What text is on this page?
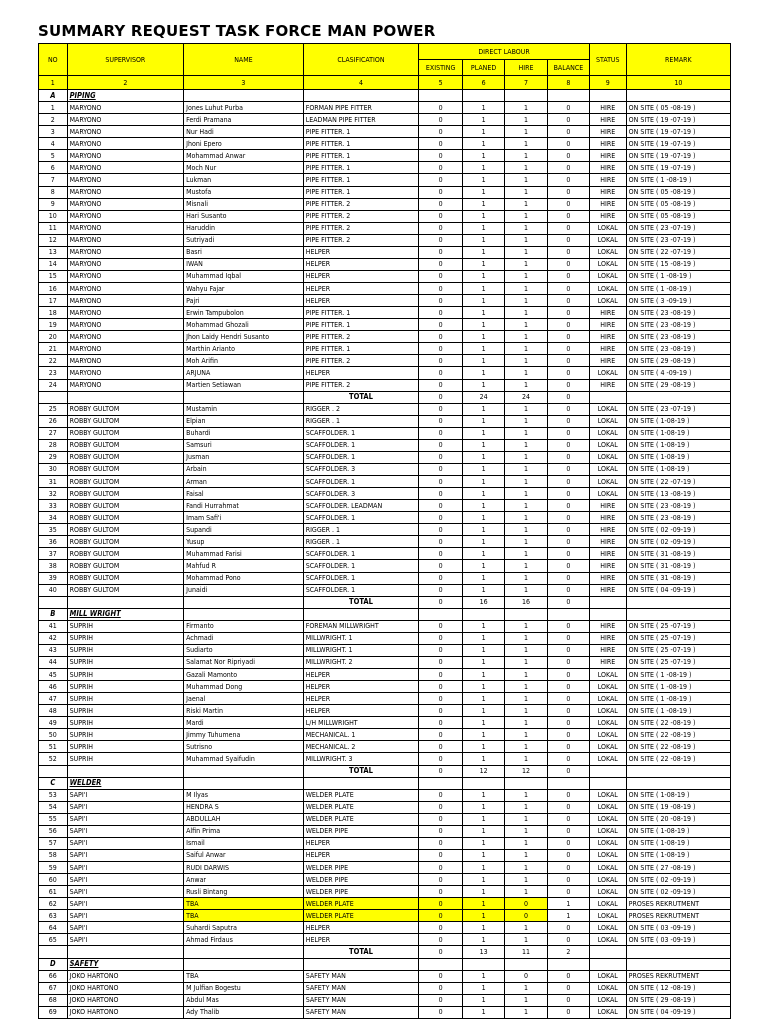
SUMMARY REQUEST TASK FORCE MAN POWER
NO	SUPERVISOR	NAME	CLASIFICATION	DIRECT LABOUR				STATUS	REMARK
				EXISTING	PLANED	HIRE	BALANCE		
1	2	3	4	5	6	7	8	9	10
A	PIPING								
1	MARYONO	Jones Luhut Purba	FORMAN PIPE FITTER	0	1	1	0	HIRE	ON SITE ( 05 -08-19 )
2	MARYONO	Ferdi Pramana	LEADMAN PIPE FITTER	0	1	1	0	HIRE	ON SITE ( 19 -07-19 )
3	MARYONO	Nur Hadi	PIPE FITTER. 1	0	1	1	0	HIRE	ON SITE ( 19 -07-19 )
4	MARYONO	Jhoni Epero	PIPE FITTER. 1	0	1	1	0	HIRE	ON SITE ( 19 -07-19 )
5	MARYONO	Mohammad Anwar	PIPE FITTER. 1	0	1	1	0	HIRE	ON SITE ( 19 -07-19 )
6	MARYONO	Moch Nur	PIPE FITTER. 1	0	1	1	0	HIRE	ON SITE ( 19 -07-19 )
7	MARYONO	Lukman	PIPE FITTER. 1	0	1	1	0	HIRE	ON SITE ( 1 -08-19 )
8	MARYONO	Mustofa	PIPE FITTER. 1	0	1	1	0	HIRE	ON SITE ( 05 -08-19 )
9	MARYONO	Misnali	PIPE FITTER. 2	0	1	1	0	HIRE	ON SITE ( 05 -08-19 )
10	MARYONO	Hari Susanto	PIPE FITTER. 2	0	1	1	0	HIRE	ON SITE ( 05 -08-19 )
11	MARYONO	Haruddin	PIPE FITTER. 2	0	1	1	0	LOKAL	ON SITE ( 23 -07-19 )
12	MARYONO	Sutriyadi	PIPE FITTER. 2	0	1	1	0	LOKAL	ON SITE ( 23 -07-19 )
13	MARYONO	Basri	HELPER	0	1	1	0	LOKAL	ON SITE ( 22 -07-19 )
14	MARYONO	IWAN	HELPER	0	1	1	0	LOKAL	ON SITE ( 15 -08-19 )
15	MARYONO	Muhammad Iqbal	HELPER	0	1	1	0	LOKAL	ON SITE ( 1 -08-19 )
16	MARYONO	Wahyu Fajar	HELPER	0	1	1	0	LOKAL	ON SITE ( 1 -08-19 )
17	MARYONO	Pajri	HELPER	0	1	1	0	LOKAL	ON SITE ( 3 -09-19 )
18	MARYONO	Erwin Tampubolon	PIPE FITTER. 1	0	1	1	0	HIRE	ON SITE ( 23 -08-19 )
19	MARYONO	Mohammad Ghozali	PIPE FITTER. 1	0	1	1	0	HIRE	ON SITE ( 23 -08-19 )
20	MARYONO	Jhon Laidy Hendri Susanto	PIPE FITTER. 2	0	1	1	0	HIRE	ON SITE ( 23 -08-19 )
21	MARYONO	Marthin Arianto	PIPE FITTER. 1	0	1	1	0	HIRE	ON SITE ( 23 -08-19 )
22	MARYONO	Moh Arifin	PIPE FITTER. 2	0	1	1	0	HIRE	ON SITE ( 29 -08-19 )
23	MARYONO	ARJUNA	HELPER	0	1	1	0	LOKAL	ON SITE ( 4 -09-19 )
24	MARYONO	Martien Setiawan	PIPE FITTER. 2	0	1	1	0	HIRE	ON SITE ( 29 -08-19 )
			TOTAL	0	24	24	0		
25	ROBBY GULTOM	Mustamin	RIGGER . 2	0	1	1	0	LOKAL	ON SITE ( 23 -07-19 )
26	ROBBY GULTOM	Elpian	RIGGER . 1	0	1	1	0	LOKAL	ON SITE ( 1-08-19 )
27	ROBBY GULTOM	Buhardi	SCAFFOLDER. 1	0	1	1	0	LOKAL	ON SITE ( 1-08-19 )
28	ROBBY GULTOM	Samsuri	SCAFFOLDER. 1	0	1	1	0	LOKAL	ON SITE ( 1-08-19 )
29	ROBBY GULTOM	Jusman	SCAFFOLDER. 1	0	1	1	0	LOKAL	ON SITE ( 1-08-19 )
30	ROBBY GULTOM	Arbain	SCAFFOLDER. 3	0	1	1	0	LOKAL	ON SITE ( 1-08-19 )
31	ROBBY GULTOM	Arman	SCAFFOLDER. 1	0	1	1	0	LOKAL	ON SITE ( 22 -07-19 )
32	ROBBY GULTOM	Faisal	SCAFFOLDER. 3	0	1	1	0	LOKAL	ON SITE ( 13 -08-19 )
33	ROBBY GULTOM	Fandi Hurrahmat	SCAFFOLDER. LEADMAN	0	1	1	0	HIRE	ON SITE ( 23 -08-19 )
34	ROBBY GULTOM	Imam Safi'i	SCAFFOLDER. 1	0	1	1	0	HIRE	ON SITE ( 23 -08-19 )
35	ROBBY GULTOM	Supandi	RIGGER . 1	0	1	1	0	HIRE	ON SITE ( 02 -09-19 )
36	ROBBY GULTOM	Yusup	RIGGER . 1	0	1	1	0	HIRE	ON SITE ( 02 -09-19 )
37	ROBBY GULTOM	Muhammad Farisi	SCAFFOLDER. 1	0	1	1	0	HIRE	ON SITE ( 31 -08-19 )
38	ROBBY GULTOM	Mahfud R	SCAFFOLDER. 1	0	1	1	0	HIRE	ON SITE ( 31 -08-19 )
39	ROBBY GULTOM	Mohammad Pono	SCAFFOLDER. 1	0	1	1	0	HIRE	ON SITE ( 31 -08-19 )
40	ROBBY GULTOM	Junaidi	SCAFFOLDER. 1	0	1	1	0	HIRE	ON SITE ( 04 -09-19 )
			TOTAL	0	16	16	0		
B	MILL WRIGHT								
41	SUPRIH	Firmanto	FOREMAN MILLWRIGHT	0	1	1	0	HIRE	ON SITE ( 25 -07-19 )
42	SUPRIH	Achmadi	MILLWRIGHT. 1	0	1	1	0	HIRE	ON SITE ( 25 -07-19 )
43	SUPRIH	Sudiarto	MILLWRIGHT. 1	0	1	1	0	HIRE	ON SITE ( 25 -07-19 )
44	SUPRIH	Salamat Nor Ripriyadi	MILLWRIGHT. 2	0	1	1	0	HIRE	ON SITE ( 25 -07-19 )
45	SUPRIH	Gazali Mamonto	HELPER	0	1	1	0	LOKAL	ON SITE ( 1 -08-19 )
46	SUPRIH	Muhammad Dong	HELPER	0	1	1	0	LOKAL	ON SITE ( 1 -08-19 )
47	SUPRIH	Jaenal	HELPER	0	1	1	0	LOKAL	ON SITE ( 1 -08-19 )
48	SUPRIH	Riski Martin	HELPER	0	1	1	0	LOKAL	ON SITE ( 1 -08-19 )
49	SUPRIH	Mardi	L/H MILLWRIGHT	0	1	1	0	LOKAL	ON SITE ( 22 -08-19 )
50	SUPRIH	Jimmy Tuhumena	MECHANICAL. 1	0	1	1	0	LOKAL	ON SITE ( 22 -08-19 )
51	SUPRIH	Sutrisno	MECHANICAL. 2	0	1	1	0	LOKAL	ON SITE ( 22 -08-19 )
52	SUPRIH	Muhammad Syaifudin	MILLWRIGHT. 3	0	1	1	0	LOKAL	ON SITE ( 22 -08-19 )
			TOTAL	0	12	12	0		
C	WELDER								
53	SAPI'I	M Ilyas	WELDER PLATE	0	1	1	0	LOKAL	ON SITE ( 1-08-19 )
54	SAPI'I	HENDRA S	WELDER PLATE	0	1	1	0	LOKAL	ON SITE ( 19 -08-19 )
55	SAPI'I	ABDULLAH	WELDER PLATE	0	1	1	0	LOKAL	ON SITE ( 20 -08-19 )
56	SAPI'I	Alfin Prima	WELDER PIPE	0	1	1	0	LOKAL	ON SITE ( 1-08-19 )
57	SAPI'I	Ismail	HELPER	0	1	1	0	LOKAL	ON SITE ( 1-08-19 )
58	SAPI'I	Saiful Anwar	HELPER	0	1	1	0	LOKAL	ON SITE ( 1-08-19 )
59	SAPI'I	RUDI DARWIS	WELDER PIPE	0	1	1	0	LOKAL	ON SITE ( 27 -08-19 )
60	SAPI'I	Anwar	WELDER PIPE	0	1	1	0	LOKAL	ON SITE ( 02 -09-19 )
61	SAPI'I	Rusli Bintang	WELDER PIPE	0	1	1	0	LOKAL	ON SITE ( 02 -09-19 )
62	SAPI'I	TBA	WELDER PLATE	0	1	0	1	LOKAL	PROSES REKRUTMENT
63	SAPI'I	TBA	WELDER PLATE	0	1	0	1	LOKAL	PROSES REKRUTMENT
64	SAPI'I	Suhardi Saputra	HELPER	0	1	1	0	LOKAL	ON SITE ( 03 -09-19 )
65	SAPI'I	Ahmad Firdaus	HELPER	0	1	1	0	LOKAL	ON SITE ( 03 -09-19 )
			TOTAL	0	13	11	2		
D	SAFETY								
66	JOKO HARTONO	TBA	SAFETY MAN	0	1	0	0	LOKAL	PROSES REKRUTMENT
67	JOKO HARTONO	M Julfian Bogestu	SAFETY MAN	0	1	1	0	LOKAL	ON SITE ( 12 -08-19 )
68	JOKO HARTONO	Abdul Mas	SAFETY MAN	0	1	1	0	LOKAL	ON SITE ( 29 -08-19 )
69	JOKO HARTONO	Ady Thalib	SAFETY MAN	0	1	1	0	LOKAL	ON SITE ( 04 -09-19 )
